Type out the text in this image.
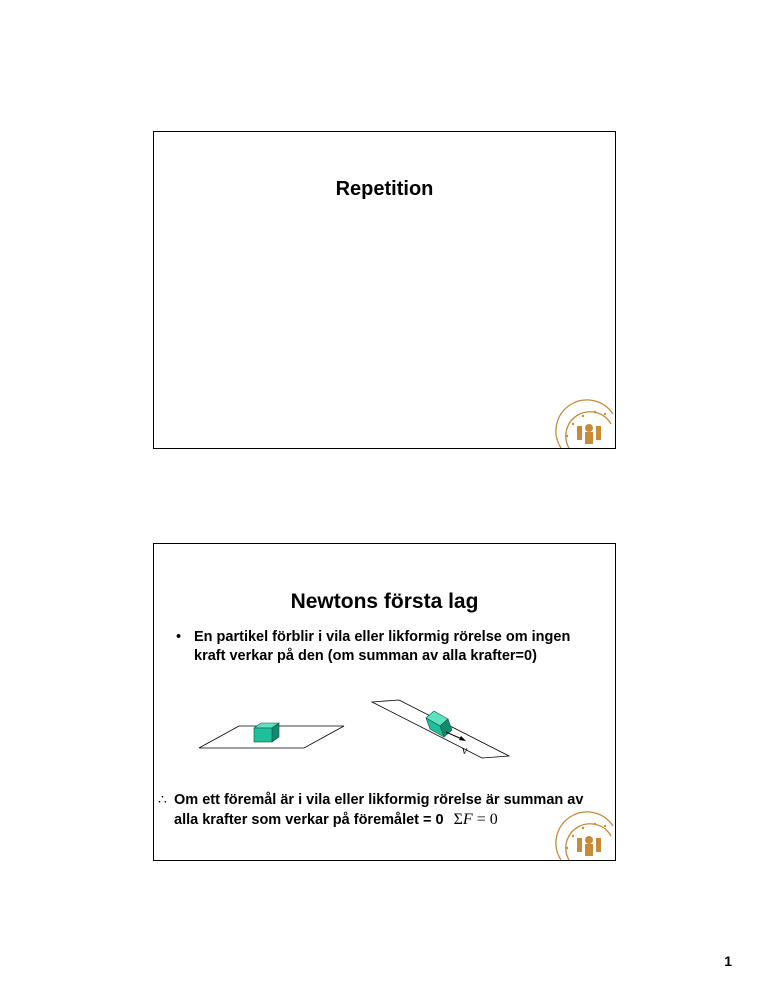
Repetition
Newtons första lag
• En partikel förblir i vila eller likformig rörelse om ingen kraft verkar på den (om summan av alla krafter=0)
v
∴ Om ett föremål är i vila eller likformig rörelse är summan av alla krafter som verkar på föremålet = 0 ΣF = 0
1
